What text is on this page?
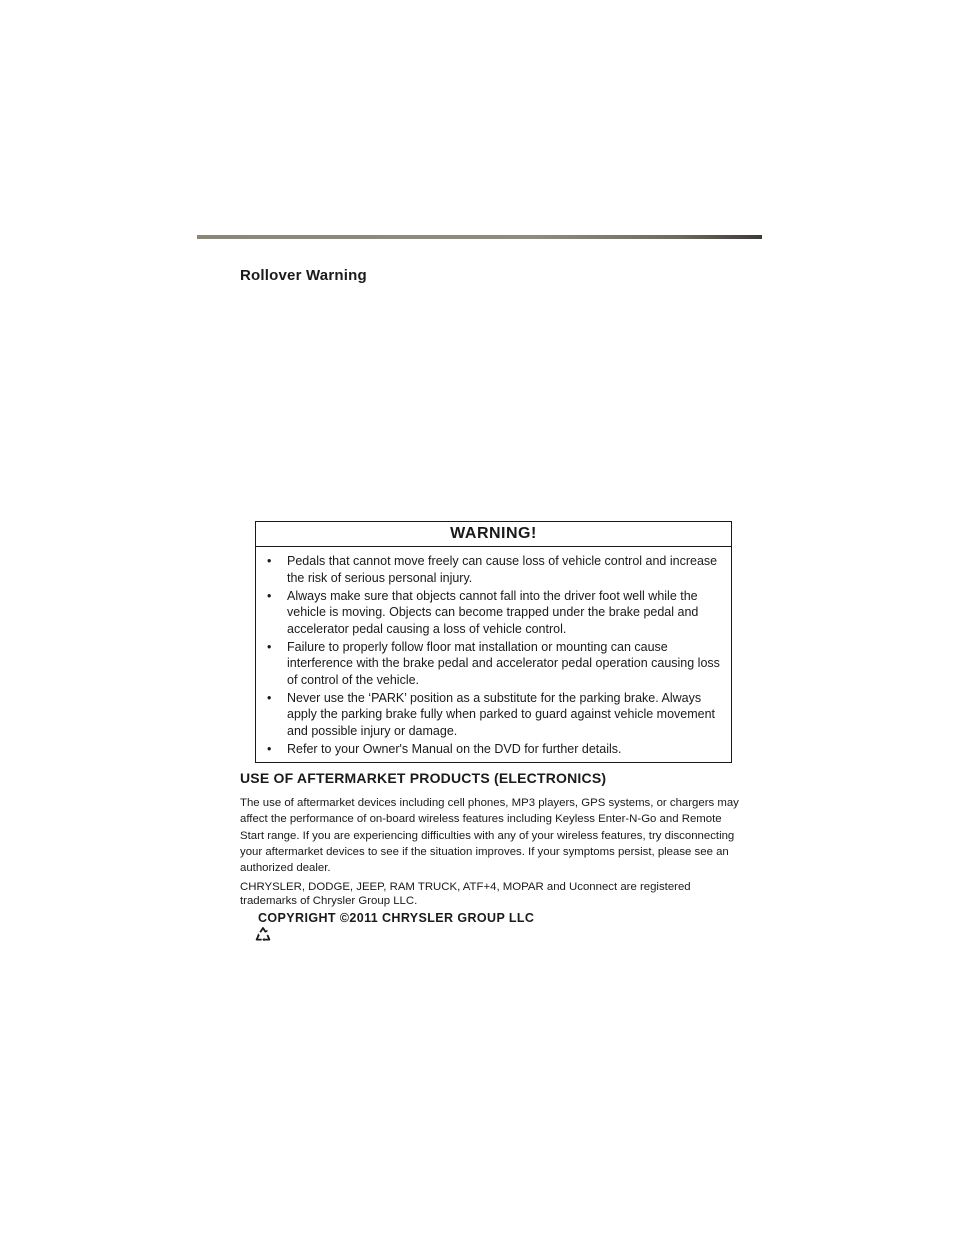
Rollover Warning
WARNING!
• Pedals that cannot move freely can cause loss of vehicle control and increase the risk of serious personal injury.
• Always make sure that objects cannot fall into the driver foot well while the vehicle is moving. Objects can become trapped under the brake pedal and accelerator pedal causing a loss of vehicle control.
• Failure to properly follow floor mat installation or mounting can cause interference with the brake pedal and accelerator pedal operation causing loss of control of the vehicle.
• Never use the ‘PARK’ position as a substitute for the parking brake. Always apply the parking brake fully when parked to guard against vehicle movement and possible injury or damage.
• Refer to your Owner's Manual on the DVD for further details.
USE OF AFTERMARKET PRODUCTS (ELECTRONICS)

The use of aftermarket devices including cell phones, MP3 players, GPS systems, or chargers may affect the performance of on-board wireless features including Keyless Enter-N-Go and Remote Start range. If you are experiencing difficulties with any of your wireless features, try disconnecting your aftermarket devices to see if the situation improves. If your symptoms persist, please see an authorized dealer.

CHRYSLER, DODGE, JEEP, RAM TRUCK, ATF+4, MOPAR and Uconnect are registered trademarks of Chrysler Group LLC.

COPYRIGHT ©2011 CHRYSLER GROUP LLC
